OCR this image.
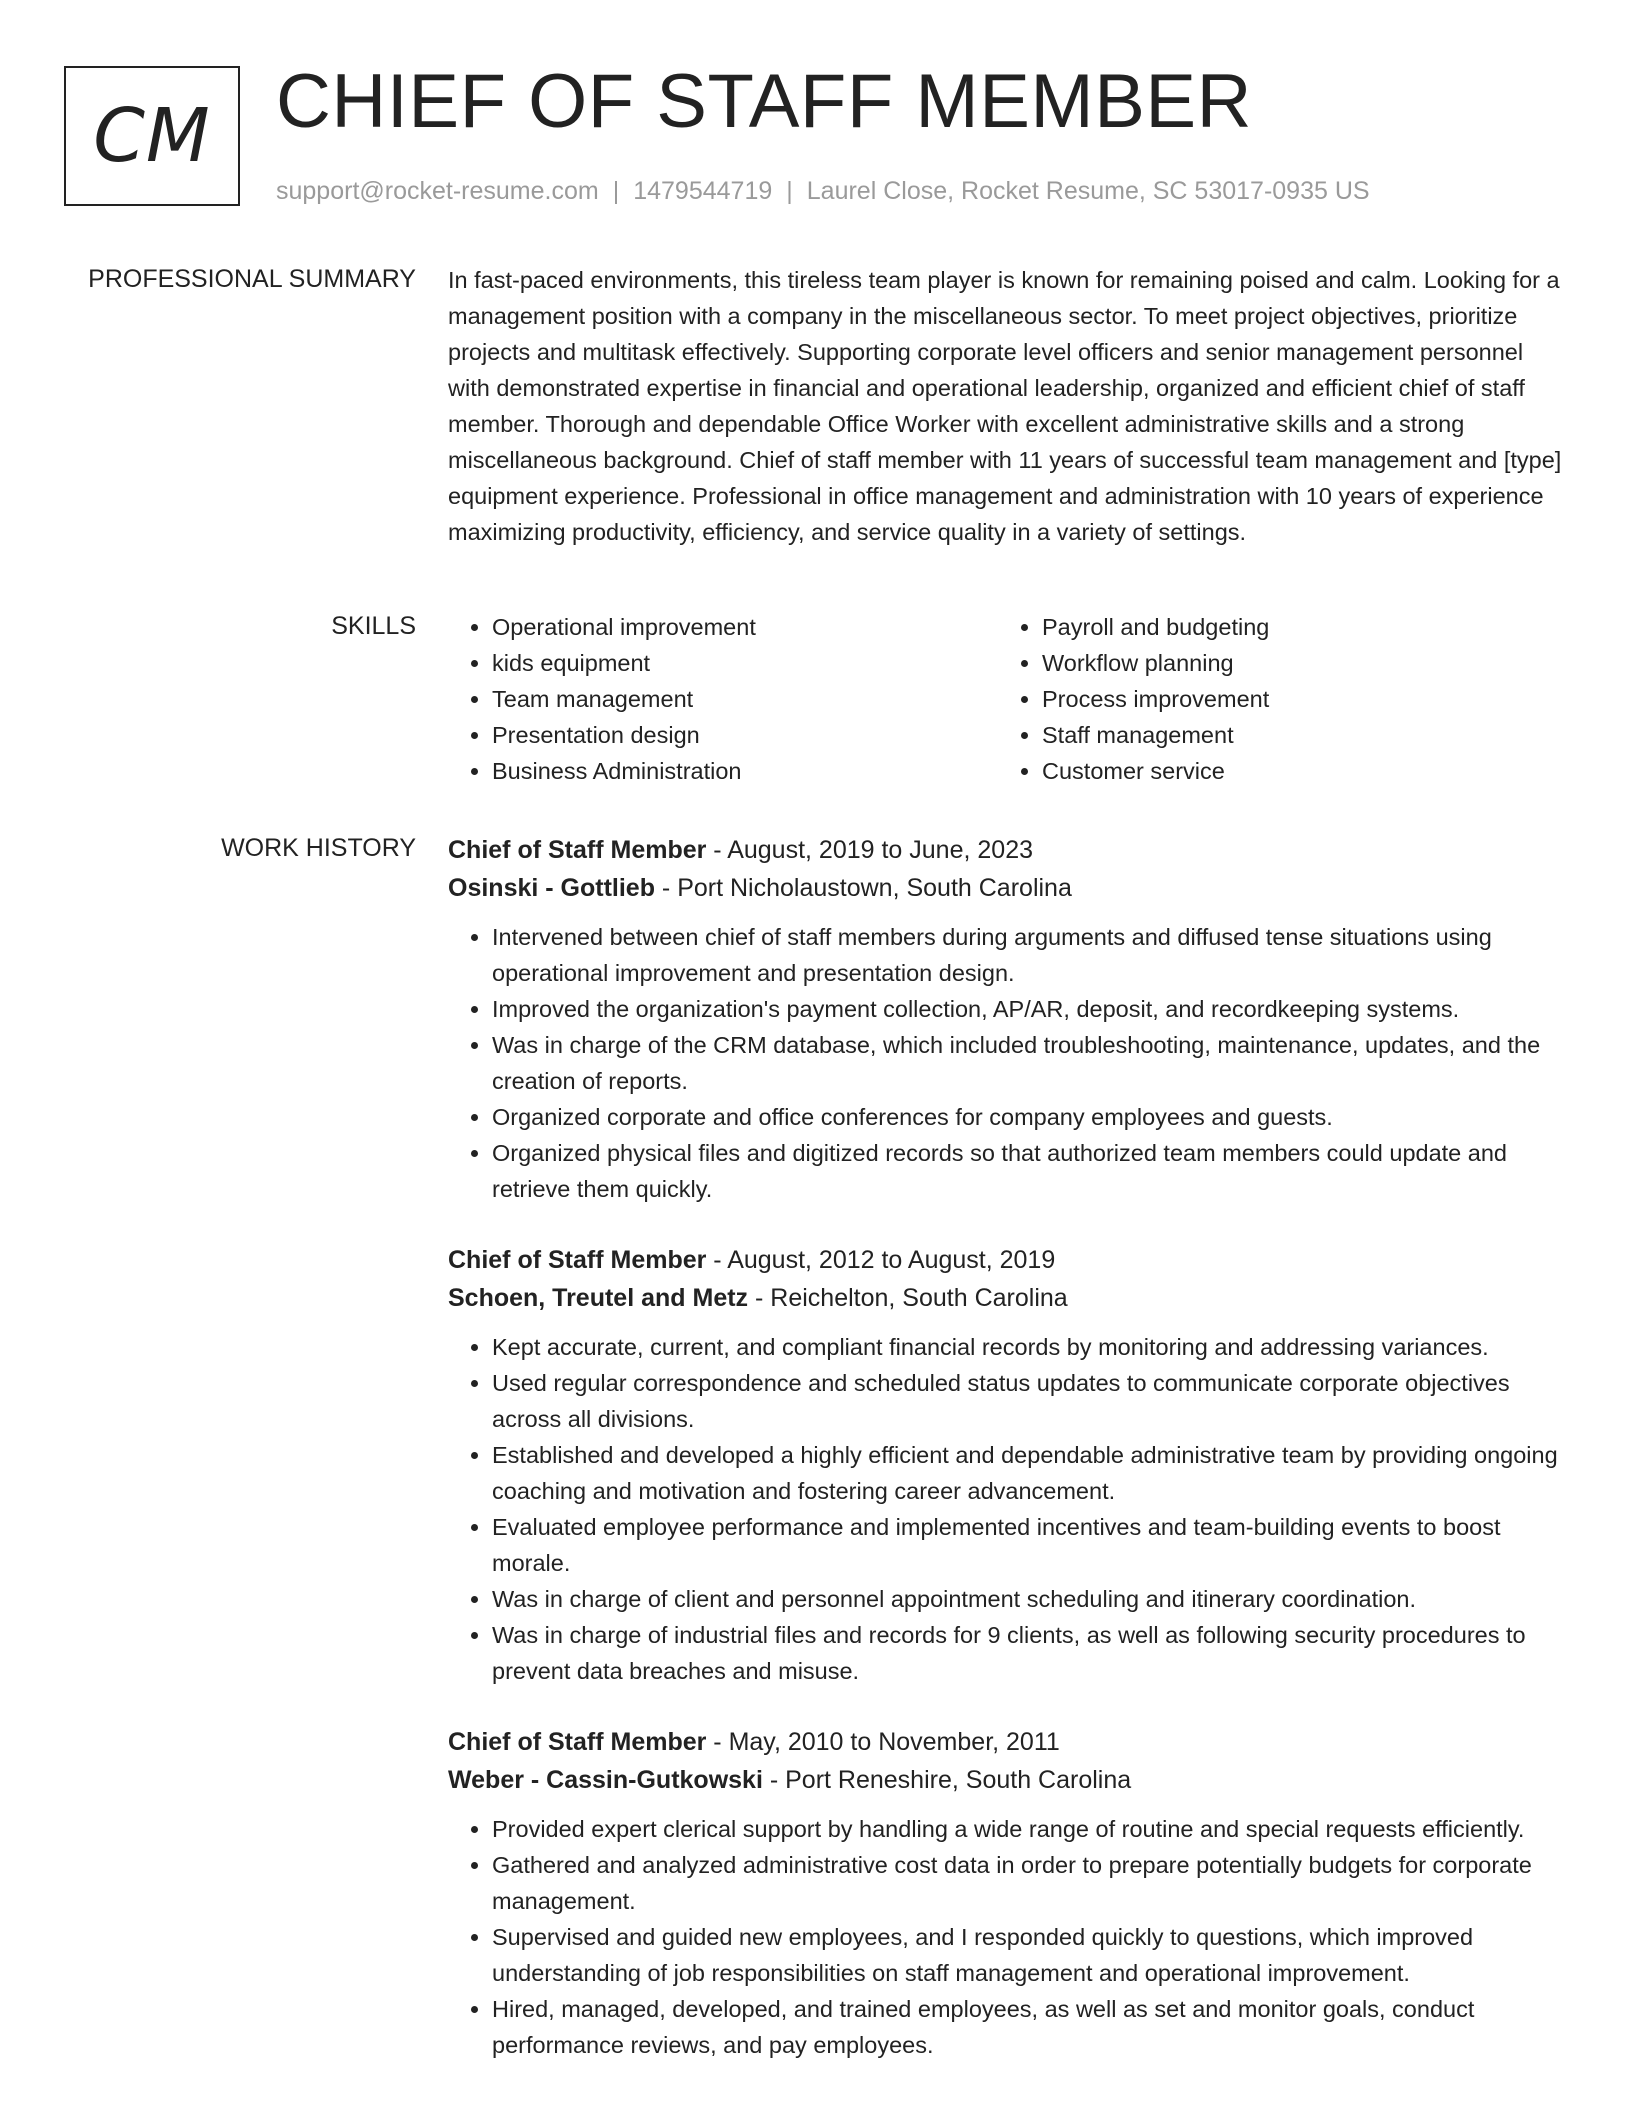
CM CHIEF OF STAFF MEMBER
support@rocket-resume.com | 1479544719 | Laurel Close, Rocket Resume, SC 53017-0935 US
PROFESSIONAL SUMMARY In fast-paced environments, this tireless team player is known for remaining poised and calm. Looking for a management position with a company in the miscellaneous sector. To meet project objectives, prioritize projects and multitask effectively. Supporting corporate level officers and senior management personnel with demonstrated expertise in financial and operational leadership, organized and efficient chief of staff member. Thorough and dependable Office Worker with excellent administrative skills and a strong miscellaneous background. Chief of staff member with 11 years of successful team management and [type] equipment experience. Professional in office management and administration with 10 years of experience maximizing productivity, efficiency, and service quality in a variety of settings.

SKILLS
•	Operational improvement
• kids equipment
• Team management
• Presentation design
• Business Administration
• Payroll and budgeting
• Workflow planning
• Process improvement
• Staff management
• Customer service
WORK HISTORY Chief of Staff Member - August, 2019 to June, 2023
Osinski - Gottlieb - Port Nicholaustown, South Carolina
• Intervened between chief of staff members during arguments and diffused tense situations using operational improvement and presentation design.
• Improved the organization's payment collection, AP/AR, deposit, and recordkeeping systems.
• Was in charge of the CRM database, which included troubleshooting, maintenance, updates, and the creation of reports.
• Organized corporate and office conferences for company employees and guests.
• Organized physical files and digitized records so that authorized team members could update and retrieve them quickly.
Chief of Staff Member - August, 2012 to August, 2019
Schoen, Treutel and Metz - Reichelton, South Carolina
• Kept accurate, current, and compliant financial records by monitoring and addressing variances.
• Used regular correspondence and scheduled status updates to communicate corporate objectives across all divisions.
• Established and developed a highly efficient and dependable administrative team by providing ongoing coaching and motivation and fostering career advancement.
• Evaluated employee performance and implemented incentives and team-building events to boost morale.
• Was in charge of client and personnel appointment scheduling and itinerary coordination.
• Was in charge of industrial files and records for 9 clients, as well as following security procedures to prevent data breaches and misuse.
Chief of Staff Member - May, 2010 to November, 2011
Weber - Cassin-Gutkowski - Port Reneshire, South Carolina
• Provided expert clerical support by handling a wide range of routine and special requests efficiently.
• Gathered and analyzed administrative cost data in order to prepare potentially budgets for corporate management.
• Supervised and guided new employees, and I responded quickly to questions, which improved understanding of job responsibilities on staff management and operational improvement.
• Hired, managed, developed, and trained employees, as well as set and monitor goals, conduct performance reviews, and pay employees.
